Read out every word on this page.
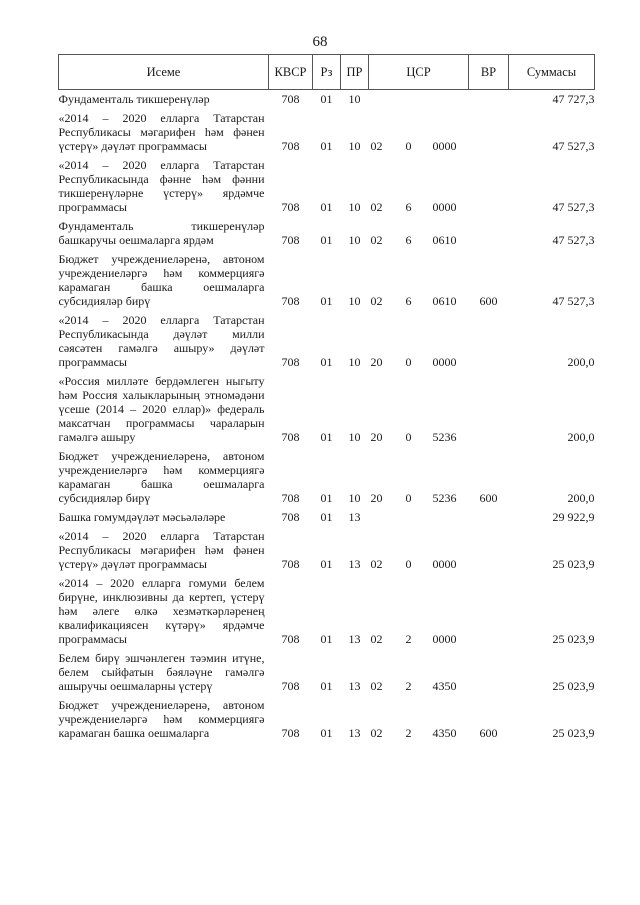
68
Исеме	КВСР	Рз	ПР	ЦСР	ВР	Суммасы
Фундаменталь тикшеренүләр	708	01	10			47 727,3
«2014 – 2020 елларга Татарстан Республикасы мәгарифен һәм фәнен үстерү» дәүләт программасы	708	01	10	02 0 0000		47 527,3
«2014 – 2020 елларга Татарстан Республикасында фәнне һәм фәнни тикшеренүләрне үстерү» ярдәмче программасы	708	01	10	02 6 0000		47 527,3
Фундаменталь тикшеренүләр башкаручы оешмаларга ярдәм	708	01	10	02 6 0610		47 527,3
Бюджет учреждениеләренә, автоном учреждениеләргә һәм коммерциягә карамаган башка оешмаларга субсидияләр бирү	708	01	10	02 6 0610	600	47 527,3
«2014 – 2020 елларга Татарстан Республикасында дәүләт милли сәясәтен гамәлгә ашыру» дәүләт программасы	708	01	10	20 0 0000		200,0
«Россия милләте бердәмлеген ныгыту һәм Россия халыкларының этномәдәни үсеше (2014 – 2020 еллар)» федераль максатчан программасы чараларын гамәлгә ашыру	708	01	10	20 0 5236		200,0
Бюджет учреждениеләренә, автоном учреждениеләргә һәм коммерциягә карамаган башка оешмаларга субсидияләр бирү	708	01	10	20 0 5236	600	200,0
Башка гомумдәүләт мәсьәләләре	708	01	13			29 922,9
«2014 – 2020 елларга Татарстан Республикасы мәгарифен һәм фәнен үстерү» дәүләт программасы	708	01	13	02 0 0000		25 023,9
«2014 – 2020 елларга гомуми белем бирүне, инклюзивны да кертеп, үстерү һәм әлеге өлкә хезмәткәрләренең квалификациясен күтәрү» ярдәмче программасы	708	01	13	02 2 0000		25 023,9
Белем бирү эшчәнлеген тәэмин итүне, белем сыйфатын бәяләүне гамәлгә ашыручы оешмаларны үстерү	708	01	13	02 2 4350		25 023,9
Бюджет учреждениеләренә, автоном учреждениеләргә һәм коммерциягә карамаган башка оешмаларга	708	01	13	02 2 4350	600	25 023,9
